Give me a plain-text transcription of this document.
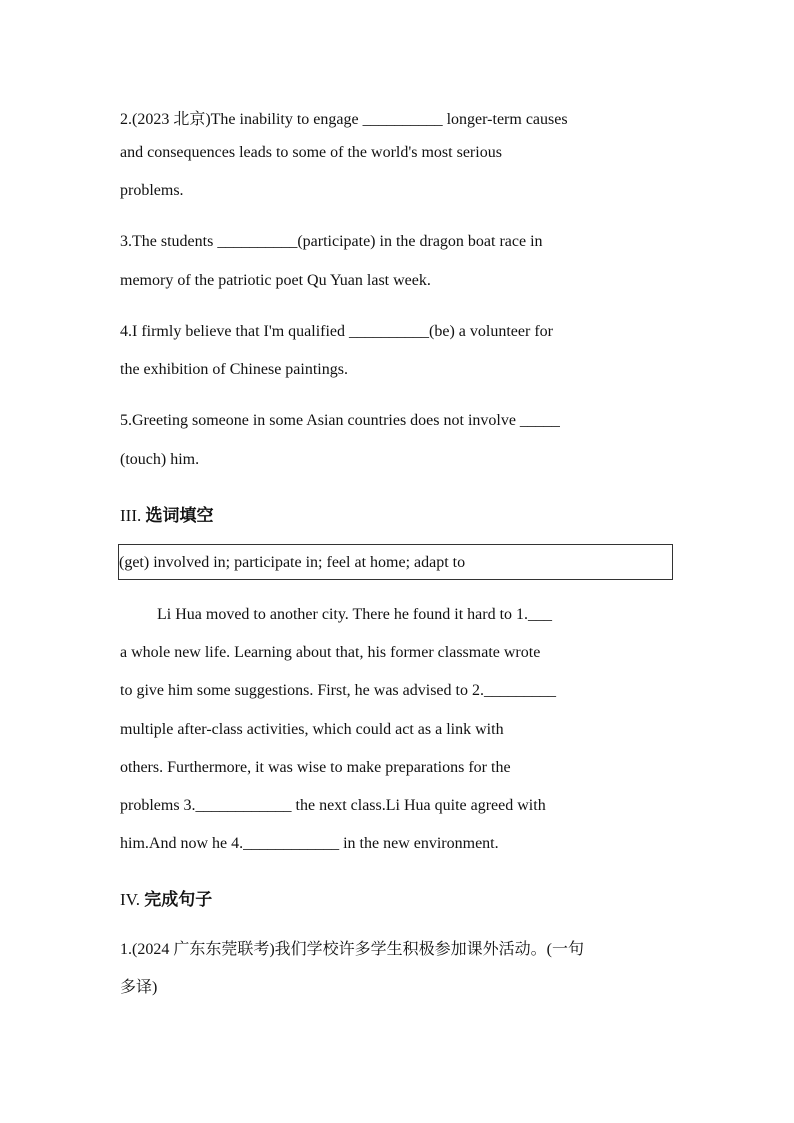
2.(2023 北京)The inability to engage __________ longer-term causes
and consequences leads to some of the world's most serious
problems.
3.The students __________(participate) in the dragon boat race in
memory of the patriotic poet Qu Yuan last week.
4.I firmly believe that I'm qualified __________(be) a volunteer for
the exhibition of Chinese paintings.
5.Greeting someone in some Asian countries does not involve _____
(touch) him.
III. 选词填空
(get) involved in; participate in; feel at home; adapt to
Li Hua moved to another city. There he found it hard to 1.___
a whole new life. Learning about that, his former classmate wrote
to give him some suggestions. First, he was advised to 2._________
multiple after-class activities, which could act as a link with
others. Furthermore, it was wise to make preparations for the
problems 3.____________ the next class.Li Hua quite agreed with
him.And now he 4.____________ in the new environment.
IV. 完成句子
1.(2024 广东东莞联考)我们学校许多学生积极参加课外活动。(一句
多译)
